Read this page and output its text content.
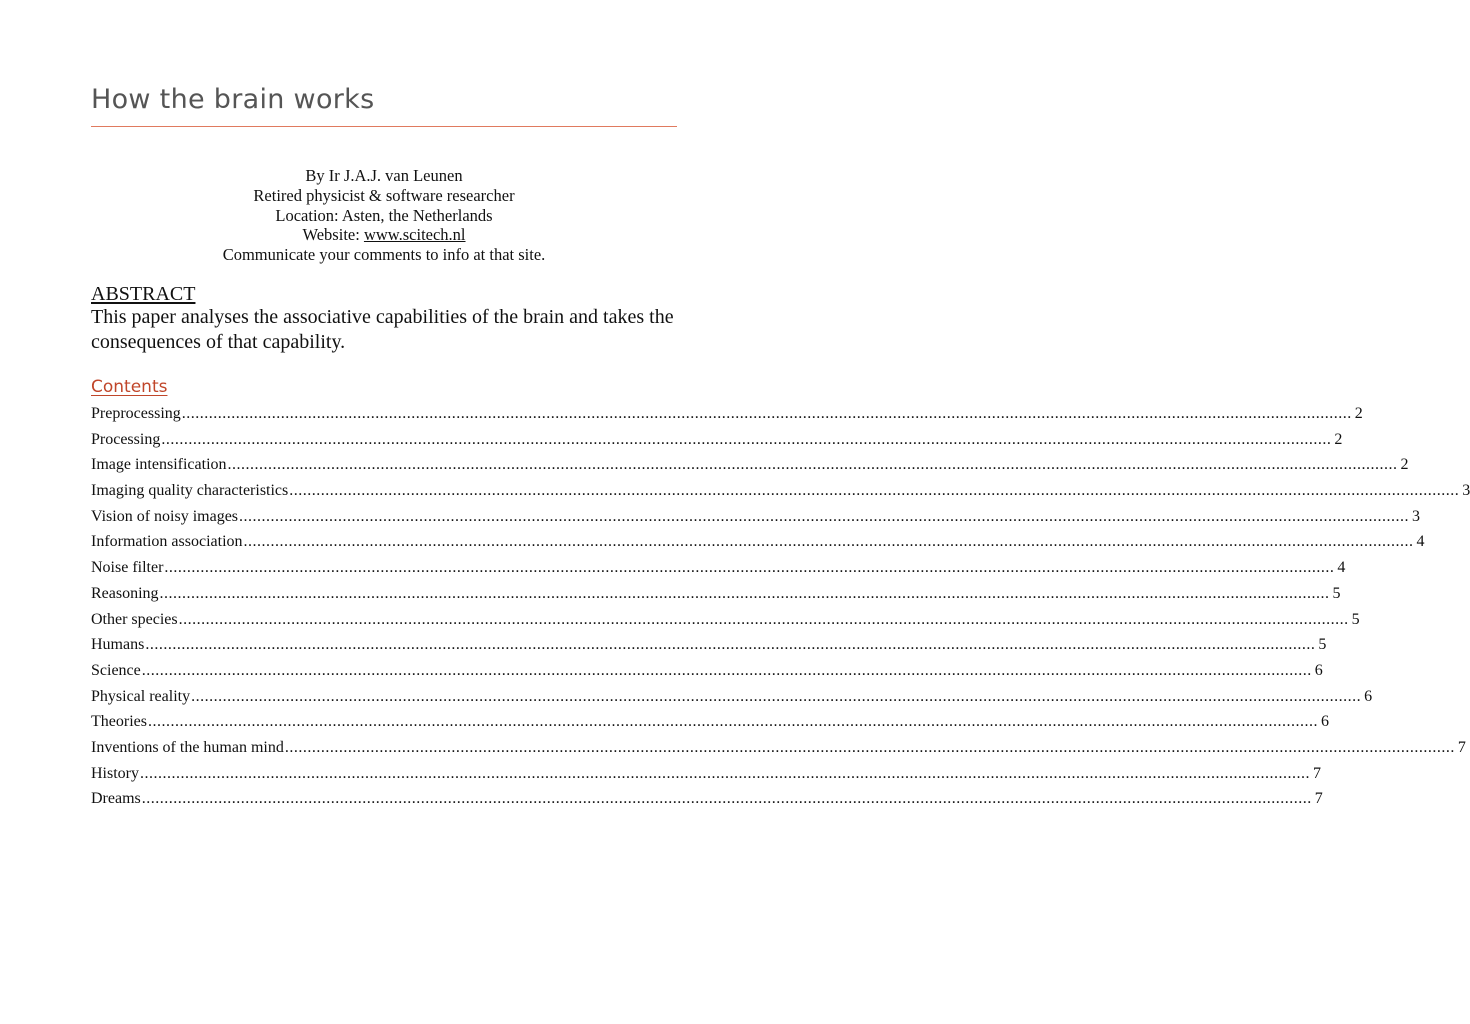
How the brain works
By Ir J.A.J. van Leunen
Retired physicist & software researcher
Location: Asten, the Netherlands
Website: www.scitech.nl
Communicate your comments to info at that site.
ABSTRACT
This paper analyses the associative capabilities of the brain and takes the consequences of that capability.
Contents
Preprocessing .................................................................................................................................................................................................................................................................... 2
Processing .................................................................................................................................................................................................................................................................... 2
Image intensification .................................................................................................................................................................................................................................................................... 2
Imaging quality characteristics .................................................................................................................................................................................................................................................................... 3
Vision of noisy images .................................................................................................................................................................................................................................................................... 3
Information association .................................................................................................................................................................................................................................................................... 4
Noise filter .................................................................................................................................................................................................................................................................... 4
Reasoning .................................................................................................................................................................................................................................................................... 5
Other species .................................................................................................................................................................................................................................................................... 5
Humans .................................................................................................................................................................................................................................................................... 5
Science .................................................................................................................................................................................................................................................................... 6
Physical reality .................................................................................................................................................................................................................................................................... 6
Theories .................................................................................................................................................................................................................................................................... 6
Inventions of the human mind .................................................................................................................................................................................................................................................................... 7
History .................................................................................................................................................................................................................................................................... 7
Dreams .................................................................................................................................................................................................................................................................... 7
